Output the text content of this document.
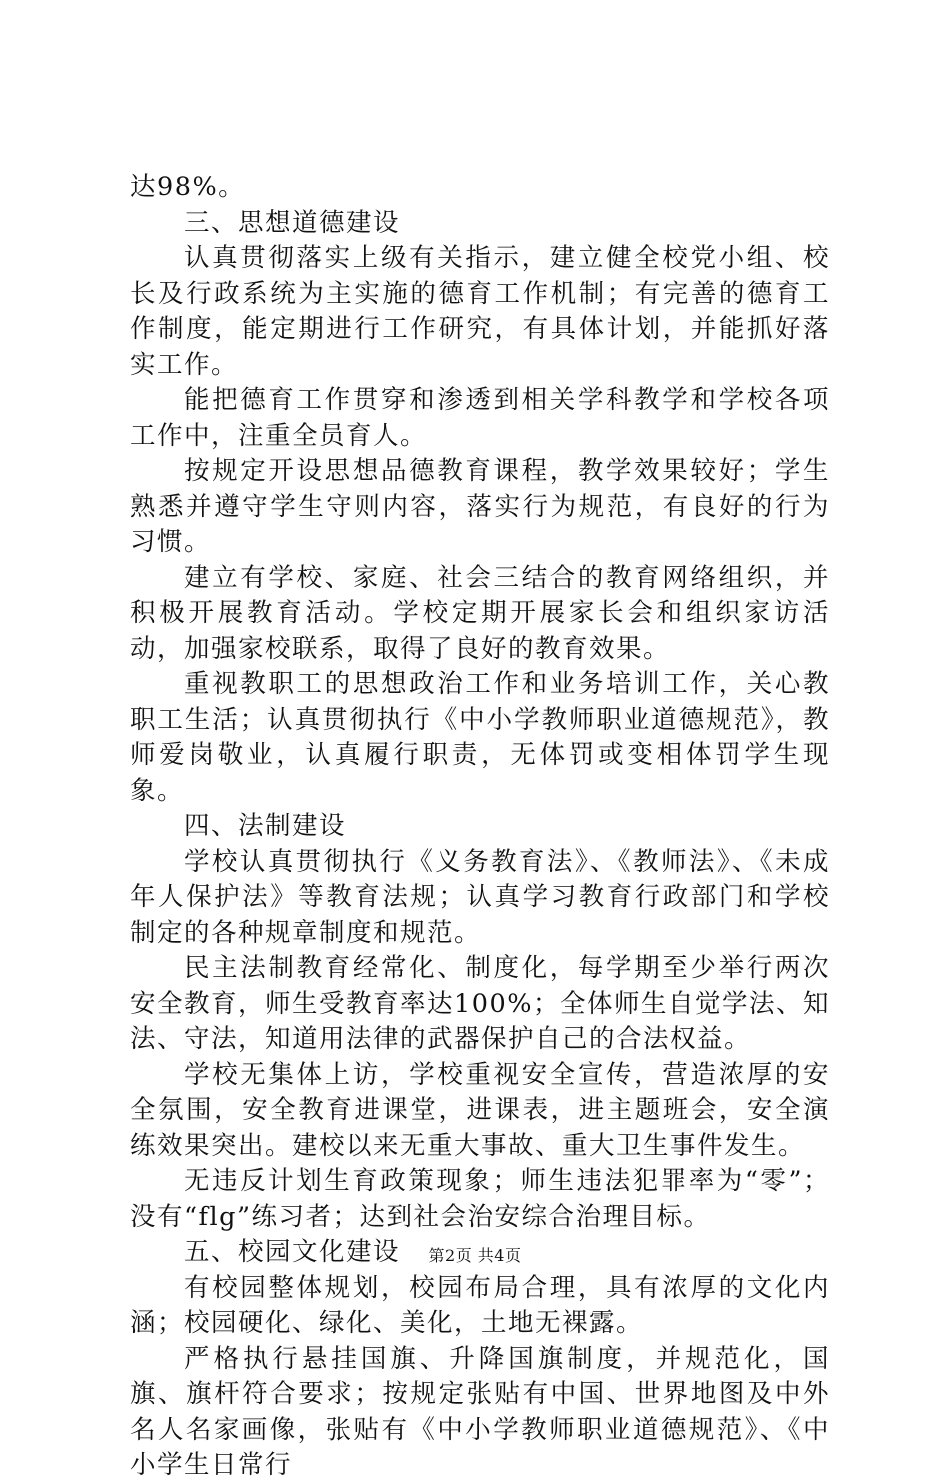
达98%。

三、思想道德建设

认真贯彻落实上级有关指示，建立健全校党小组、校长及行政系统为主实施的德育工作机制；有完善的德育工作制度，能定期进行工作研究，有具体计划，并能抓好落实工作。

能把德育工作贯穿和渗透到相关学科教学和学校各项工作中，注重全员育人。

按规定开设思想品德教育课程，教学效果较好；学生熟悉并遵守学生守则内容，落实行为规范，有良好的行为习惯。

建立有学校、家庭、社会三结合的教育网络组织，并积极开展教育活动。学校定期开展家长会和组织家访活动，加强家校联系，取得了良好的教育效果。

重视教职工的思想政治工作和业务培训工作，关心教职工生活；认真贯彻执行《中小学教师职业道德规范》，教师爱岗敬业，认真履行职责，无体罚或变相体罚学生现象。

四、法制建设

学校认真贯彻执行《义务教育法》、《教师法》、《未成年人保护法》等教育法规；认真学习教育行政部门和学校制定的各种规章制度和规范。

民主法制教育经常化、制度化，每学期至少举行两次安全教育，师生受教育率达100%；全体师生自觉学法、知法、守法，知道用法律的武器保护自己的合法权益。

学校无集体上访，学校重视安全宣传，营造浓厚的安全氛围，安全教育进课堂，进课表，进主题班会，安全演练效果突出。建校以来无重大事故、重大卫生事件发生。

无违反计划生育政策现象；师生违法犯罪率为“零”；没有“flg”练习者；达到社会治安综合治理目标。

五、校园文化建设

有校园整体规划，校园布局合理，具有浓厚的文化内涵；校园硬化、绿化、美化，土地无裸露。

严格执行悬挂国旗、升降国旗制度，并规范化，国旗、旗杆符合要求；按规定张贴有中国、世界地图及中外名人名家画像，张贴有《中小学教师职业道德规范》、《中小学生日常行

第2页 共4页
